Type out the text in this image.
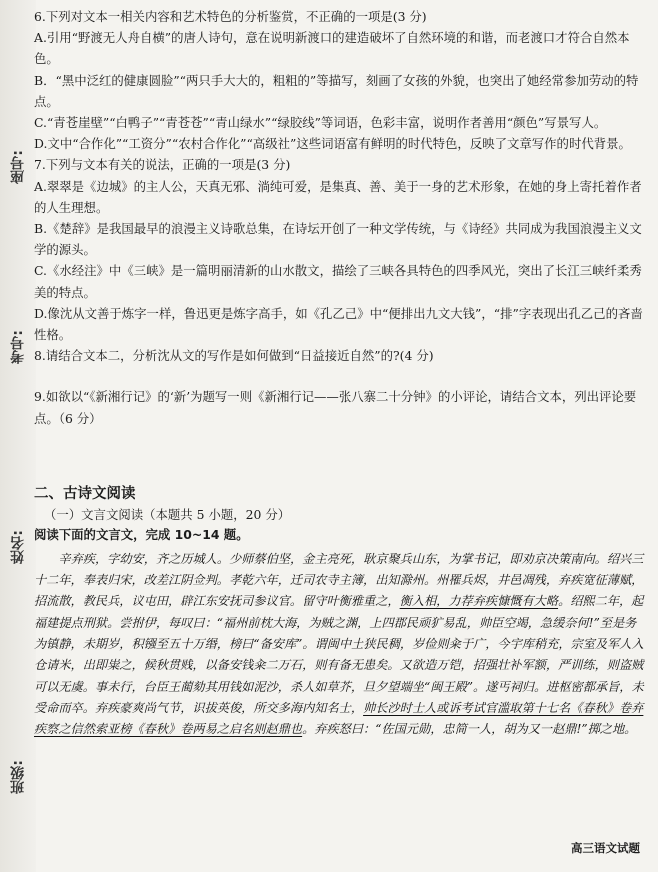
座号:
考号:
姓名:
班级:

6.下列对文本一相关内容和艺术特色的分析鉴赏，不正确的一项是(3 分)

A.引用“野渡无人舟自横”的唐人诗句，意在说明新渡口的建造破坏了自然环境的和谐，而老渡口才符合自然本色。

B．“黑中泛红的健康圆脸”“两只手大大的，粗粗的”等描写，刻画了女孩的外貌，也突出了她经常参加劳动的特点。

C.“青苍崖壁”“白鸭子”“青苍苍”“青山绿水”“绿胶线”等词语，色彩丰富，说明作者善用“颜色”写景写人。

D.文中“合作化”“工资分”“农村合作化”“高级社”这些词语富有鲜明的时代特色，反映了文章写作的时代背景。

7.下列与文本有关的说法，正确的一项是(3 分)

A.翠翠是《边城》的主人公，天真无邪、淌纯可爱，是集真、善、美于一身的艺术形象，在她的身上寄托着作者的人生理想。

B.《楚辞》是我国最早的浪漫主义诗歌总集，在诗坛开创了一种文学传统，与《诗经》共同成为我国浪漫主义文学的源头。

C.《水经注》中《三峡》是一篇明丽清新的山水散文，描绘了三峡各具特色的四季风光，突出了长江三峡纤柔秀美的特点。

D.像沈从文善于炼字一样，鲁迅更是炼字高手，如《孔乙己》中“便排出九文大钱”，“排”字表现出孔乙己的吝啬性格。

8.请结合文本二，分析沈从文的写作是如何做到“日益接近自然”的?(4 分)

9.如欲以“《新湘行记》的‘新’为题写一则《新湘行记——张八寨二十分钟》的小评论，请结合文本，列出评论要点。（6 分）

二、古诗文阅读

（一）文言文阅读（本题共 5 小题，20 分）

阅读下面的文言文，完成 10~14 题。

辛弃疾，字幼安，齐之历城人。少师蔡伯坚，金主亮死，耿京聚兵山东，为掌书记，即劝京决策南向。绍兴三十二年，奉表归宋，改差江阴佥判。孝乾六年，迁司农寺主簿，出知滁州。州罹兵烬，井邑凋残，弃疾宽征薄赋，招流散，教民兵，议屯田，辟江东安抚司参议官。留守叶衡雅重之，衡入相，力荐弃疾慷慨有大略。绍熙二年，起福建提点刑狱。尝拊伊，每叹曰：“福州前枕大海，为贼之渊，上四郡民顽犷易乱，帅臣空竭，急缓奈何!”至是务为镇静，未期岁，积镪至五十万缗，榜曰“备安库”。谓闽中土狭民稠，岁俭则籴于广，今宇库稍充，宗室及军人入仓请米，出即粜之，候秋贯贱，以备安钱籴二万石，则有备无患矣。又欲造万铠，招强壮补军额，严训练，则盗贼可以无虞。事未行，台臣王蔺劾其用钱如泥沙，杀人如草芥，旦夕望端坐“闽王殿”。遂丐祠归。进枢密都承旨，未受命而卒。弃疾豪爽尚气节，识拔英俊，所交多海内知名士，帅长沙时士人或诉考试官滥取第十七名《春秋》卷弃疾察之信然索亚榜《春秋》卷两易之启名则赵鼎也。弃疾怒曰：“佐国元勋，忠简一人，胡为又一赵鼎!”掷之地。

高三语文试题
